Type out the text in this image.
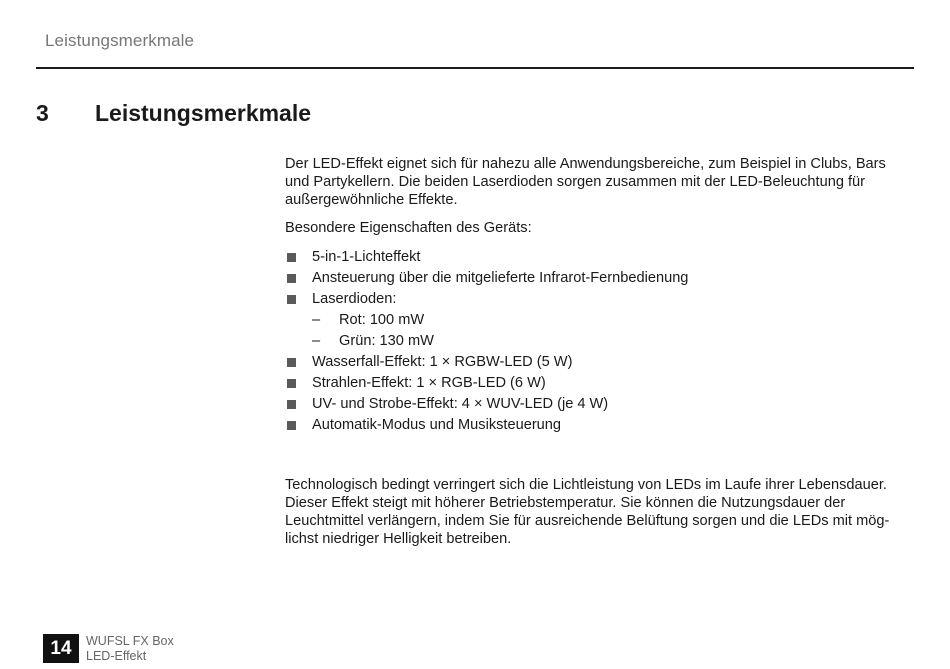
Leistungsmerkmale
3 Leistungsmerkmale

Der LED-Effekt eignet sich für nahezu alle Anwendungsbereiche, zum Beispiel in Clubs, Bars
und Partykellern. Die beiden Laserdioden sorgen zusammen mit der LED-Beleuchtung für
außergewöhnliche Effekte.

Besondere Eigenschaften des Geräts:

5-in-1-Lichteffekt
Ansteuerung über die mitgelieferte Infrarot-Fernbedienung
Laserdioden:
– Rot: 100 mW
– Grün: 130 mW
Wasserfall-Effekt: 1 × RGBW-LED (5 W)
Strahlen-Effekt: 1 × RGB-LED (6 W)
UV- und Strobe-Effekt: 4 × WUV-LED (je 4 W)
Automatik-Modus und Musiksteuerung

Technologisch bedingt verringert sich die Lichtleistung von LEDs im Laufe ihrer Lebensdauer.
Dieser Effekt steigt mit höherer Betriebstemperatur. Sie können die Nutzungsdauer der
Leuchtmittel verlängern, indem Sie für ausreichende Belüftung sorgen und die LEDs mit mög-
lichst niedriger Helligkeit betreiben.

14	WUFSL FX Box
LED-Effekt
